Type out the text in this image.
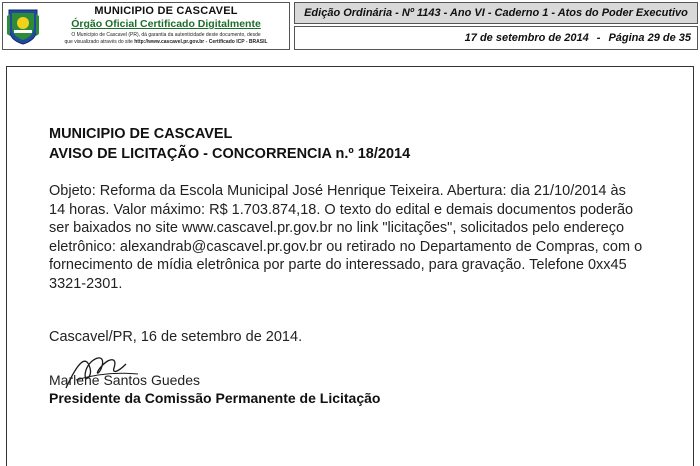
MUNICIPIO DE CASCAVEL
Órgão Oficial Certificado Digitalmente
O Município de Cascavel (PR), dá garantia da autenticidade deste documento, desde
que visualizado através do site http://www.cascavel.pr.gov.br - Certificado ICP - BRASIL
Edição Ordinária - Nº 1143 - Ano VI - Caderno 1 - Atos do Poder Executivo
17 de setembro de 2014 - Página 29 de 35
MUNICIPIO DE CASCAVEL
AVISO DE LICITAÇÃO - CONCORRENCIA n.º 18/2014
Objeto: Reforma da Escola Municipal José Henrique Teixeira. Abertura: dia 21/10/2014 às
14 horas. Valor máximo: R$ 1.703.874,18. O texto do edital e demais documentos poderão
ser baixados no site www.cascavel.pr.gov.br no link "licitações", solicitados pelo endereço
eletrônico: alexandrab@cascavel.pr.gov.br ou retirado no Departamento de Compras, com o
fornecimento de mídia eletrônica por parte do interessado, para gravação. Telefone 0xx45
3321-2301.
Cascavel/PR, 16 de setembro de 2014.
Marlene Santos Guedes
Presidente da Comissão Permanente de Licitação
